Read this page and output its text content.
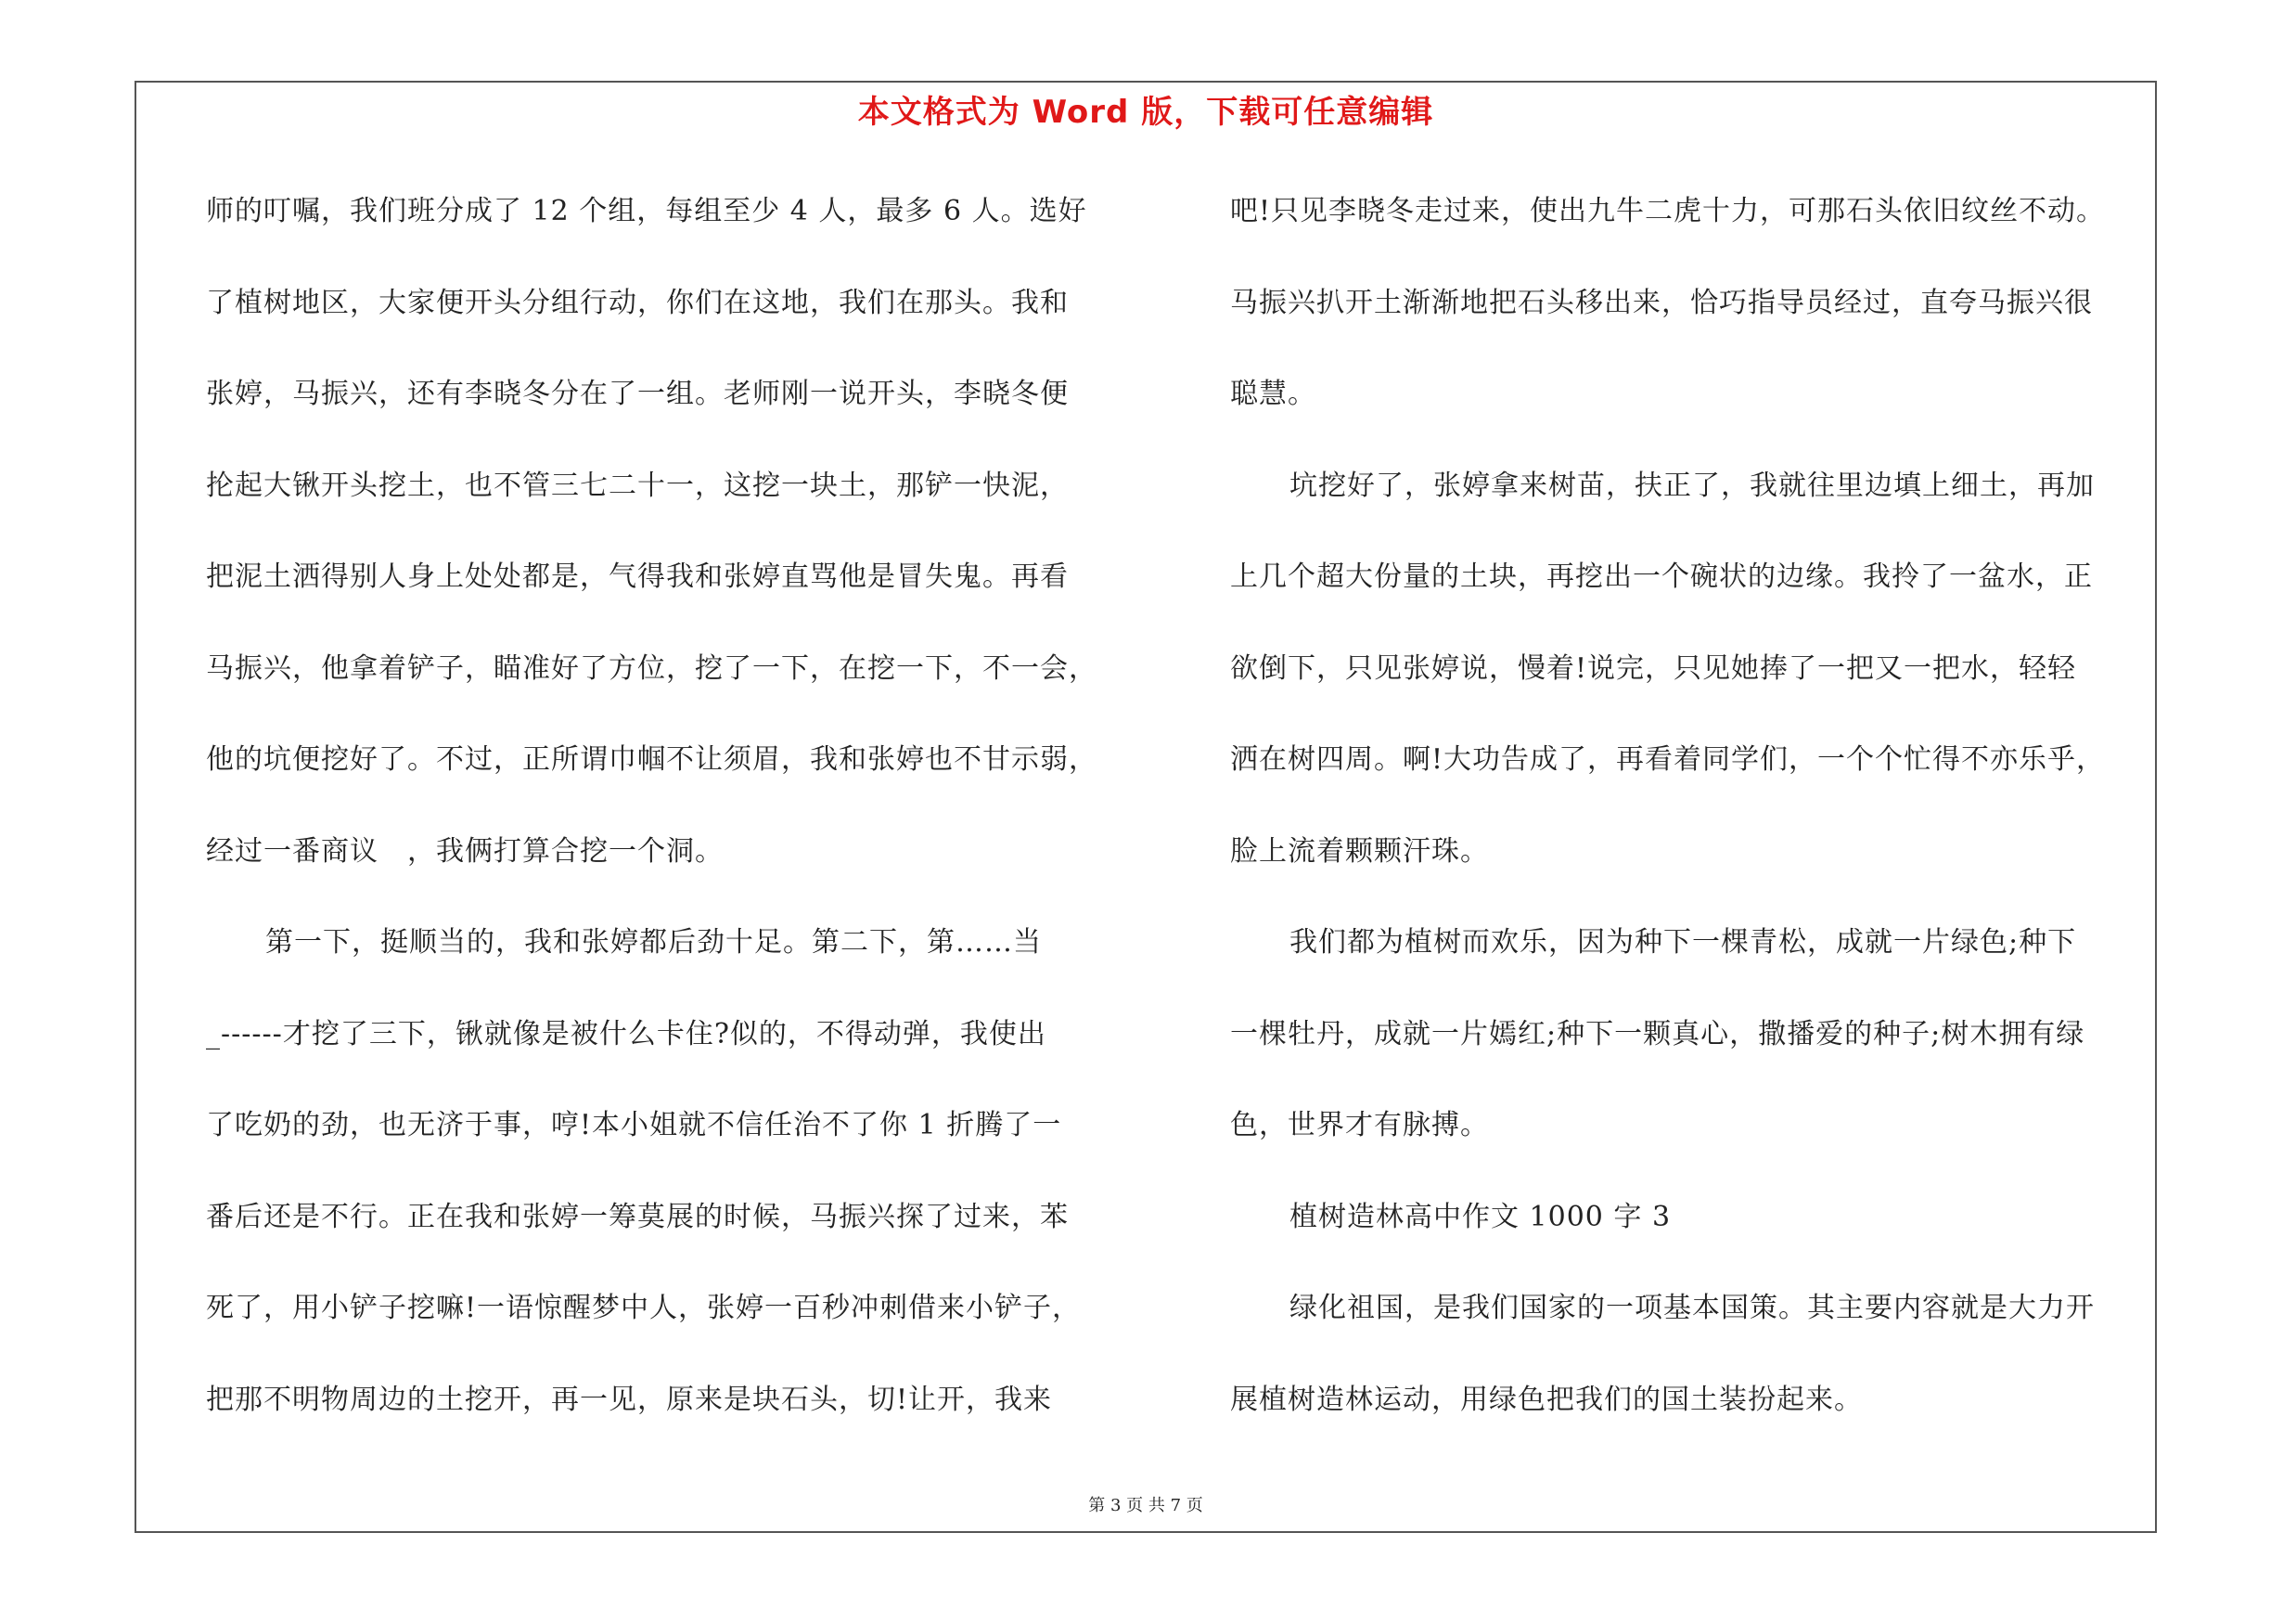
本文格式为 Word 版，下载可任意编辑
师的叮嘱，我们班分成了 12 个组，每组至少 4 人，最多 6 人。选好
了植树地区，大家便开头分组行动，你们在这地，我们在那头。我和
张婷，马振兴，还有李晓冬分在了一组。老师刚一说开头，李晓冬便
抡起大锹开头挖土，也不管三七二十一，这挖一块土，那铲一快泥，
把泥土洒得别人身上处处都是，气得我和张婷直骂他是冒失鬼。再看
马振兴，他拿着铲子，瞄准好了方位，挖了一下，在挖一下，不一会，
他的坑便挖好了。不过，正所谓巾帼不让须眉，我和张婷也不甘示弱，
经过一番商议　，我俩打算合挖一个洞。
第一下，挺顺当的，我和张婷都后劲十足。第二下，第……当
_------才挖了三下，锹就像是被什么卡住?似的，不得动弹，我使出
了吃奶的劲，也无济于事，哼!本小姐就不信任治不了你 1 折腾了一
番后还是不行。正在我和张婷一筹莫展的时候，马振兴探了过来，苯
死了，用小铲子挖嘛!一语惊醒梦中人，张婷一百秒冲刺借来小铲子，
把那不明物周边的土挖开，再一见，原来是块石头，切!让开，我来
吧!只见李晓冬走过来，使出九牛二虎十力，可那石头依旧纹丝不动。
马振兴扒开土渐渐地把石头移出来，恰巧指导员经过，直夸马振兴很
聪慧。
坑挖好了，张婷拿来树苗，扶正了，我就往里边填上细土，再加
上几个超大份量的土块，再挖出一个碗状的边缘。我拎了一盆水，正
欲倒下，只见张婷说，慢着!说完，只见她捧了一把又一把水，轻轻
洒在树四周。啊!大功告成了，再看着同学们，一个个忙得不亦乐乎，
脸上流着颗颗汗珠。
我们都为植树而欢乐，因为种下一棵青松，成就一片绿色;种下
一棵牡丹，成就一片嫣红;种下一颗真心，撒播爱的种子;树木拥有绿
色，世界才有脉搏。
植树造林高中作文 1000 字 3
绿化祖国，是我们国家的一项基本国策。其主要内容就是大力开
展植树造林运动，用绿色把我们的国土装扮起来。
第 3 页 共 7 页
